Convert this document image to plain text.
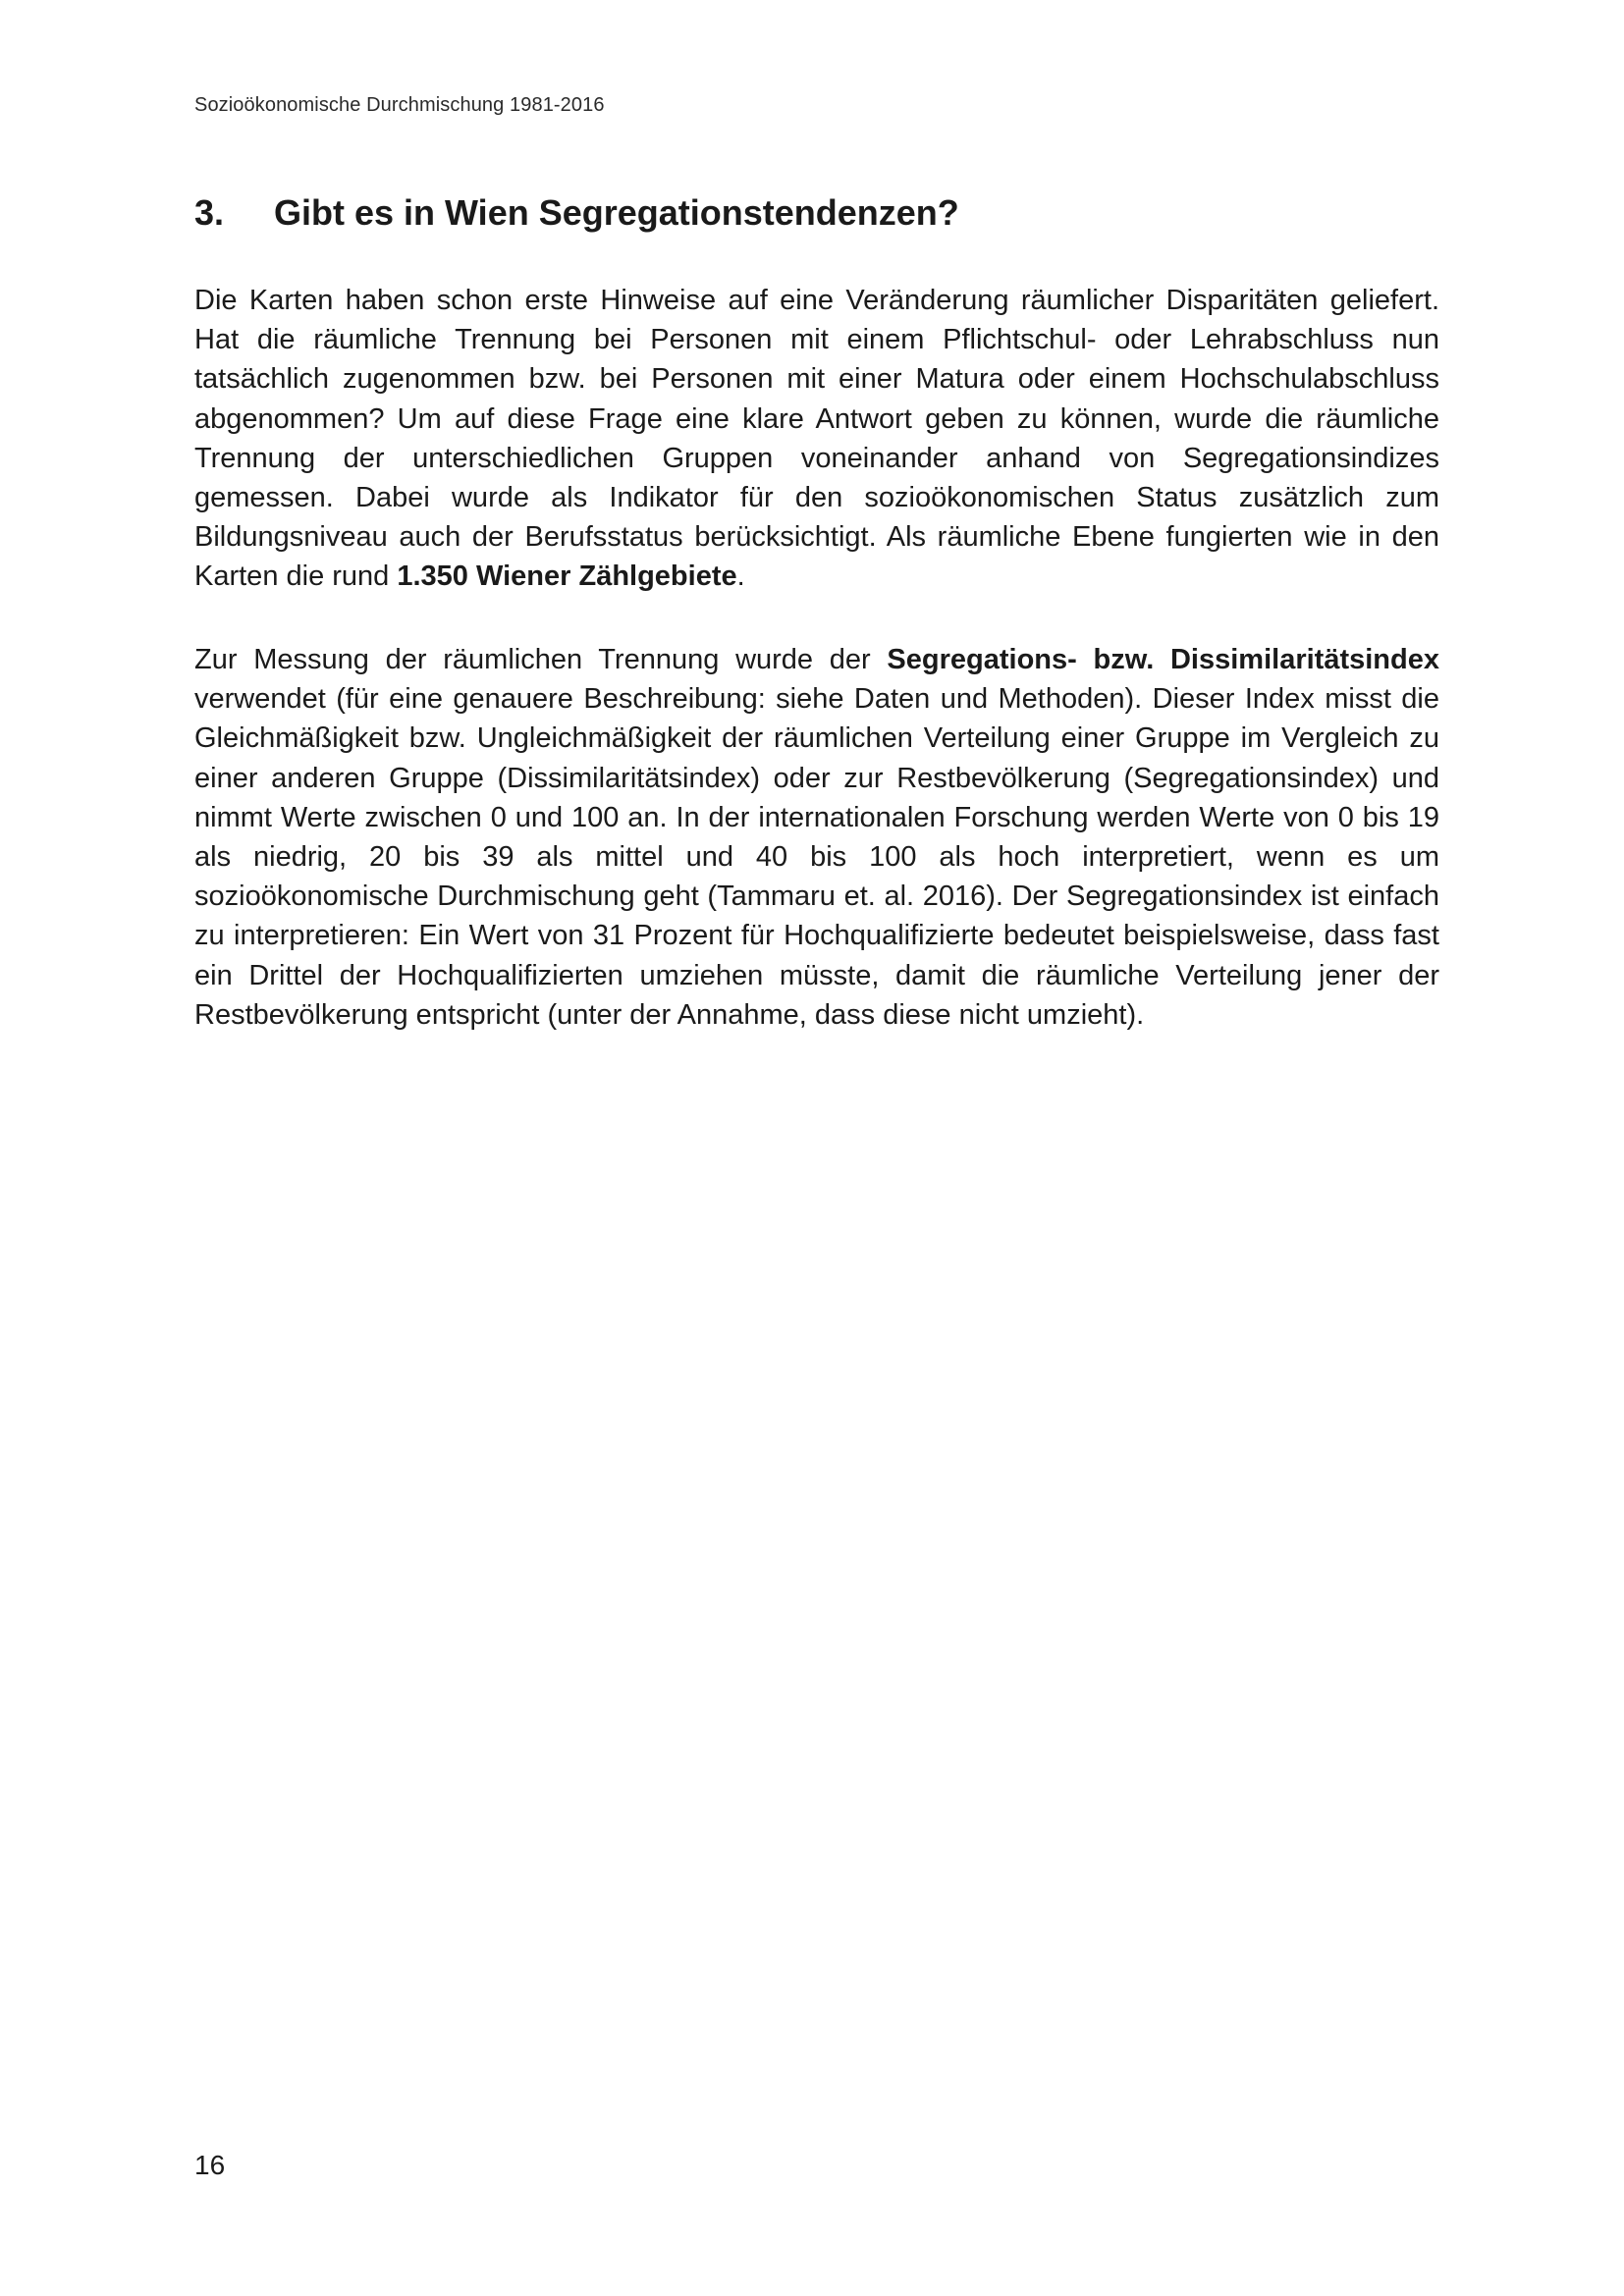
Sozioökonomische Durchmischung 1981-2016
3. Gibt es in Wien Segregationstendenzen?

Die Karten haben schon erste Hinweise auf eine Veränderung räumlicher Disparitäten geliefert. Hat die räumliche Trennung bei Personen mit einem Pflichtschul- oder Lehrabschluss nun tatsächlich zugenommen bzw. bei Personen mit einer Matura oder einem Hochschulabschluss abgenommen? Um auf diese Frage eine klare Antwort geben zu können, wurde die räumliche Trennung der unterschiedlichen Gruppen voneinander anhand von Segregationsindizes gemessen. Dabei wurde als Indikator für den sozioökonomischen Status zusätzlich zum Bildungsniveau auch der Berufsstatus berücksichtigt. Als räumliche Ebene fungierten wie in den Karten die rund 1.350 Wiener Zählgebiete.

Zur Messung der räumlichen Trennung wurde der Segregations- bzw. Dissimilaritätsindex verwendet (für eine genauere Beschreibung: siehe Daten und Methoden). Dieser Index misst die Gleichmäßigkeit bzw. Ungleichmäßigkeit der räumlichen Verteilung einer Gruppe im Vergleich zu einer anderen Gruppe (Dissimilaritätsindex) oder zur Restbevölkerung (Segregationsindex) und nimmt Werte zwischen 0 und 100 an. In der internationalen Forschung werden Werte von 0 bis 19 als niedrig, 20 bis 39 als mittel und 40 bis 100 als hoch interpretiert, wenn es um sozioökonomische Durchmischung geht (Tammaru et. al. 2016). Der Segregationsindex ist einfach zu interpretieren: Ein Wert von 31 Prozent für Hochqualifizierte bedeutet beispielsweise, dass fast ein Drittel der Hochqualifizierten umziehen müsste, damit die räumliche Verteilung jener der Restbevölkerung entspricht (unter der Annahme, dass diese nicht umzieht).

16
